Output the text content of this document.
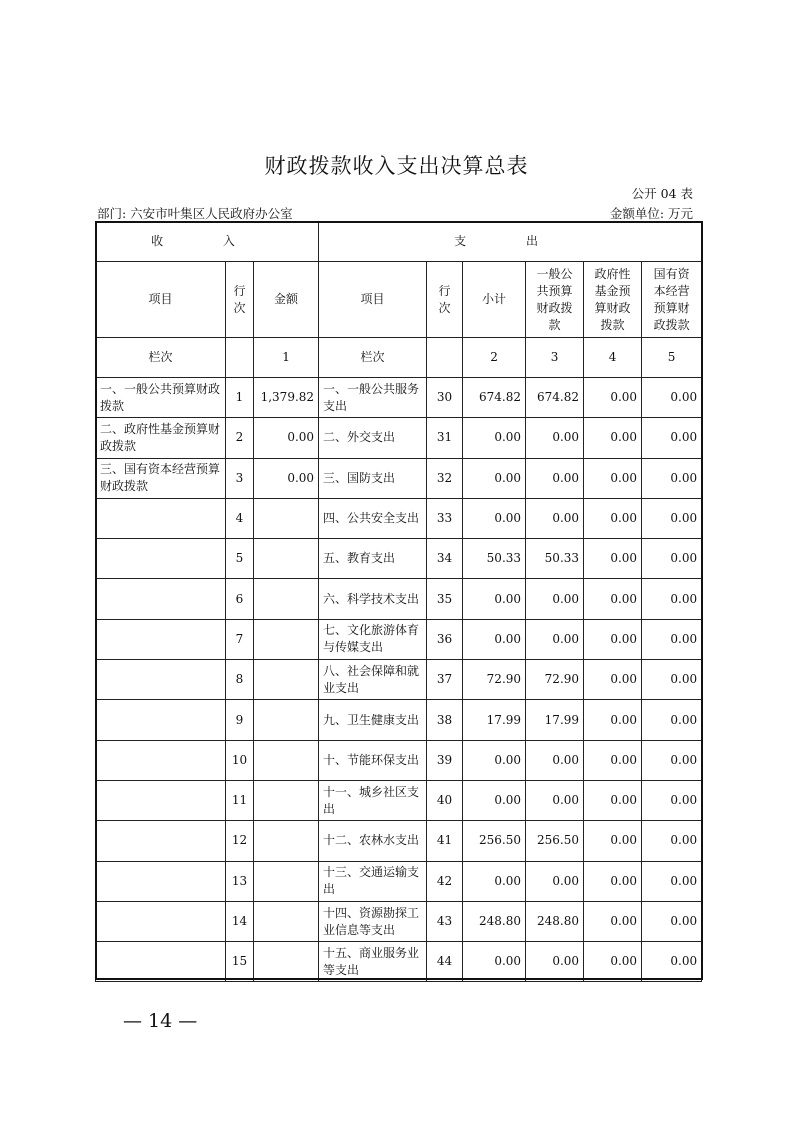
财政拨款收入支出决算总表
公开 04 表
部门: 六安市叶集区人民政府办公室	金额单位: 万元
收 入			支 出					
项目	行次	金额	项目	行次	小计	一般公共预算财政拨款	政府性基金预算财政拨款	国有资本经营预算财政拨款
栏次		1	栏次		2	3	4	5
一、一般公共预算财政拨款	1	1,379.82	一、一般公共服务支出	30	674.82	674.82	0.00	0.00
二、政府性基金预算财政拨款	2	0.00	二、外交支出	31	0.00	0.00	0.00	0.00
三、国有资本经营预算财政拨款	3	0.00	三、国防支出	32	0.00	0.00	0.00	0.00
	4		四、公共安全支出	33	0.00	0.00	0.00	0.00
	5		五、教育支出	34	50.33	50.33	0.00	0.00
	6		六、科学技术支出	35	0.00	0.00	0.00	0.00
	7		七、文化旅游体育与传媒支出	36	0.00	0.00	0.00	0.00
	8		八、社会保障和就业支出	37	72.90	72.90	0.00	0.00
	9		九、卫生健康支出	38	17.99	17.99	0.00	0.00
	10		十、节能环保支出	39	0.00	0.00	0.00	0.00
	11		十一、城乡社区支出	40	0.00	0.00	0.00	0.00
	12		十二、农林水支出	41	256.50	256.50	0.00	0.00
	13		十三、交通运输支出	42	0.00	0.00	0.00	0.00
	14		十四、资源勘探工业信息等支出	43	248.80	248.80	0.00	0.00
	15		十五、商业服务业等支出	44	0.00	0.00	0.00	0.00
— 14 —
